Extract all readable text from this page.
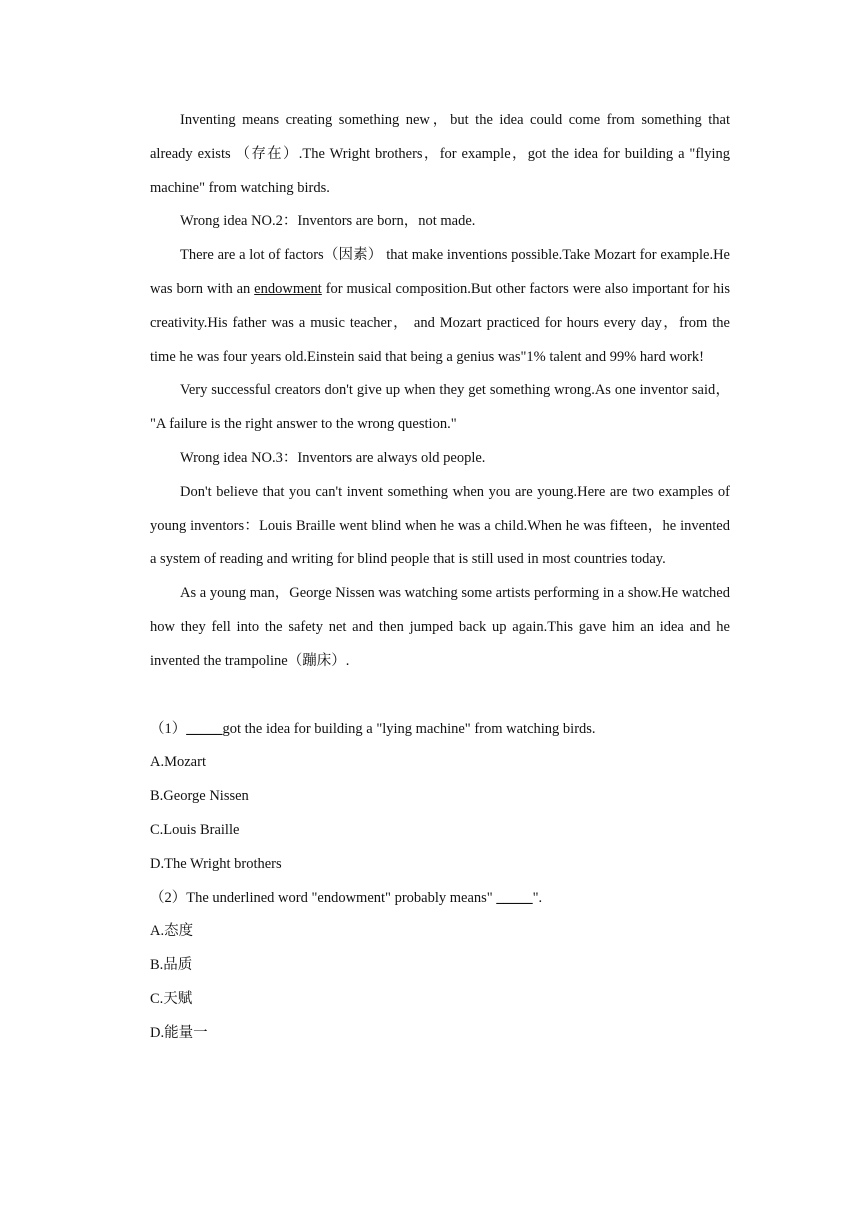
Inventing means creating something new，but the idea could come from something that already exists （存在）.The Wright brothers，for example，got the idea for building a "flying machine" from watching birds.

Wrong idea NO.2：Inventors are born，not made.

There are a lot of factors（因素） that make inventions possible.Take Mozart for example.He was born with an endowment for musical composition.But other factors were also important for his creativity.His father was a music teacher， and Mozart practiced for hours every day，from the time he was four years old.Einstein said that being a genius was"1% talent and 99% hard work!

Very successful creators don't give up when they get something wrong.As one inventor said， "A failure is the right answer to the wrong question."

Wrong idea NO.3：Inventors are always old people.

Don't believe that you can't invent something when you are young.Here are two examples of young inventors：Louis Braille went blind when he was a child.When he was fifteen，he invented a system of reading and writing for blind people that is still used in most countries today.

As a young man，George Nissen was watching some artists performing in a show.He watched how they fell into the safety net and then jumped back up again.This gave him an idea and he invented the trampoline（蹦床）.

（1）_____got the idea for building a "lying machine" from watching birds.

A.Mozart

B.George Nissen

C.Louis Braille

D.The Wright brothers

（2）The underlined word "endowment" probably means" _____".

A.态度

B.品质

C.天赋

D.能量一
